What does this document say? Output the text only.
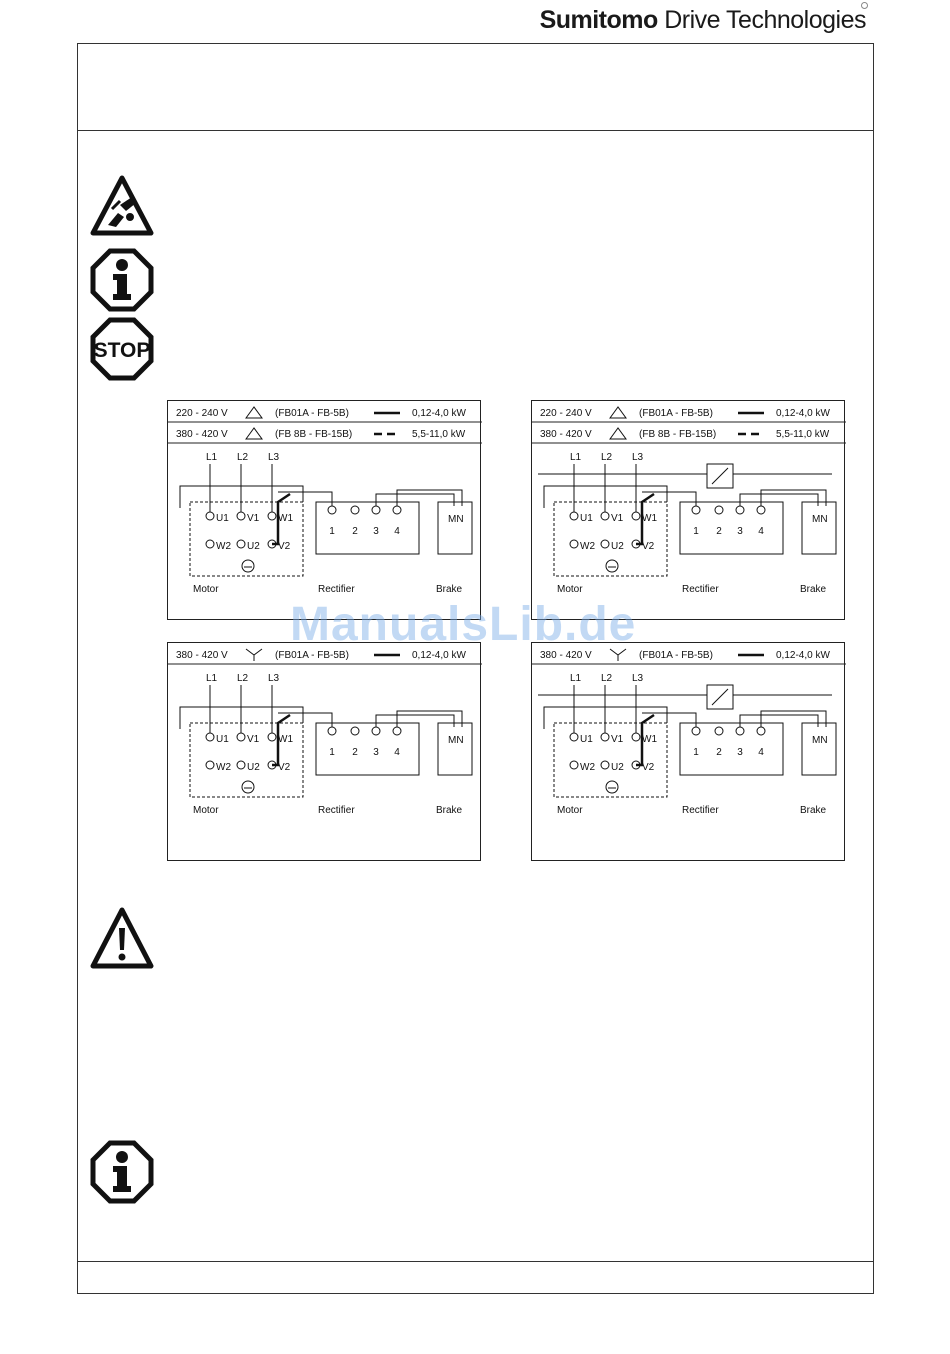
Sumitomo Drive Technologies
STOP
220 - 240 V	(FB01A - FB-5B)	0,12-4,0 kW
380 - 420 V	(FB 8B - FB-15B)	5,5-11,0 kW
L1 L2 L3
U1 V1 W1
W2 U2 V2
1 2 3 4
MN
Motor	Rectifier	Brake
220 - 240 V	(FB01A - FB-5B)	0,12-4,0 kW
380 - 420 V	(FB 8B - FB-15B)	5,5-11,0 kW
L1 L2 L3
U1 V1 W1
W2 U2 V2
1 2 3 4
MN
Motor	Rectifier	Brake
380 - 420 V	(FB01A - FB-5B)	0,12-4,0 kW
L1 L2 L3
U1 V1 W1
W2 U2 V2
1 2 3 4
MN
Motor	Rectifier	Brake
380 - 420 V	(FB01A - FB-5B)	0,12-4,0 kW
L1 L2 L3
U1 V1 W1
W2 U2 V2
1 2 3 4
MN
Motor	Rectifier	Brake
ManualsLib.de
